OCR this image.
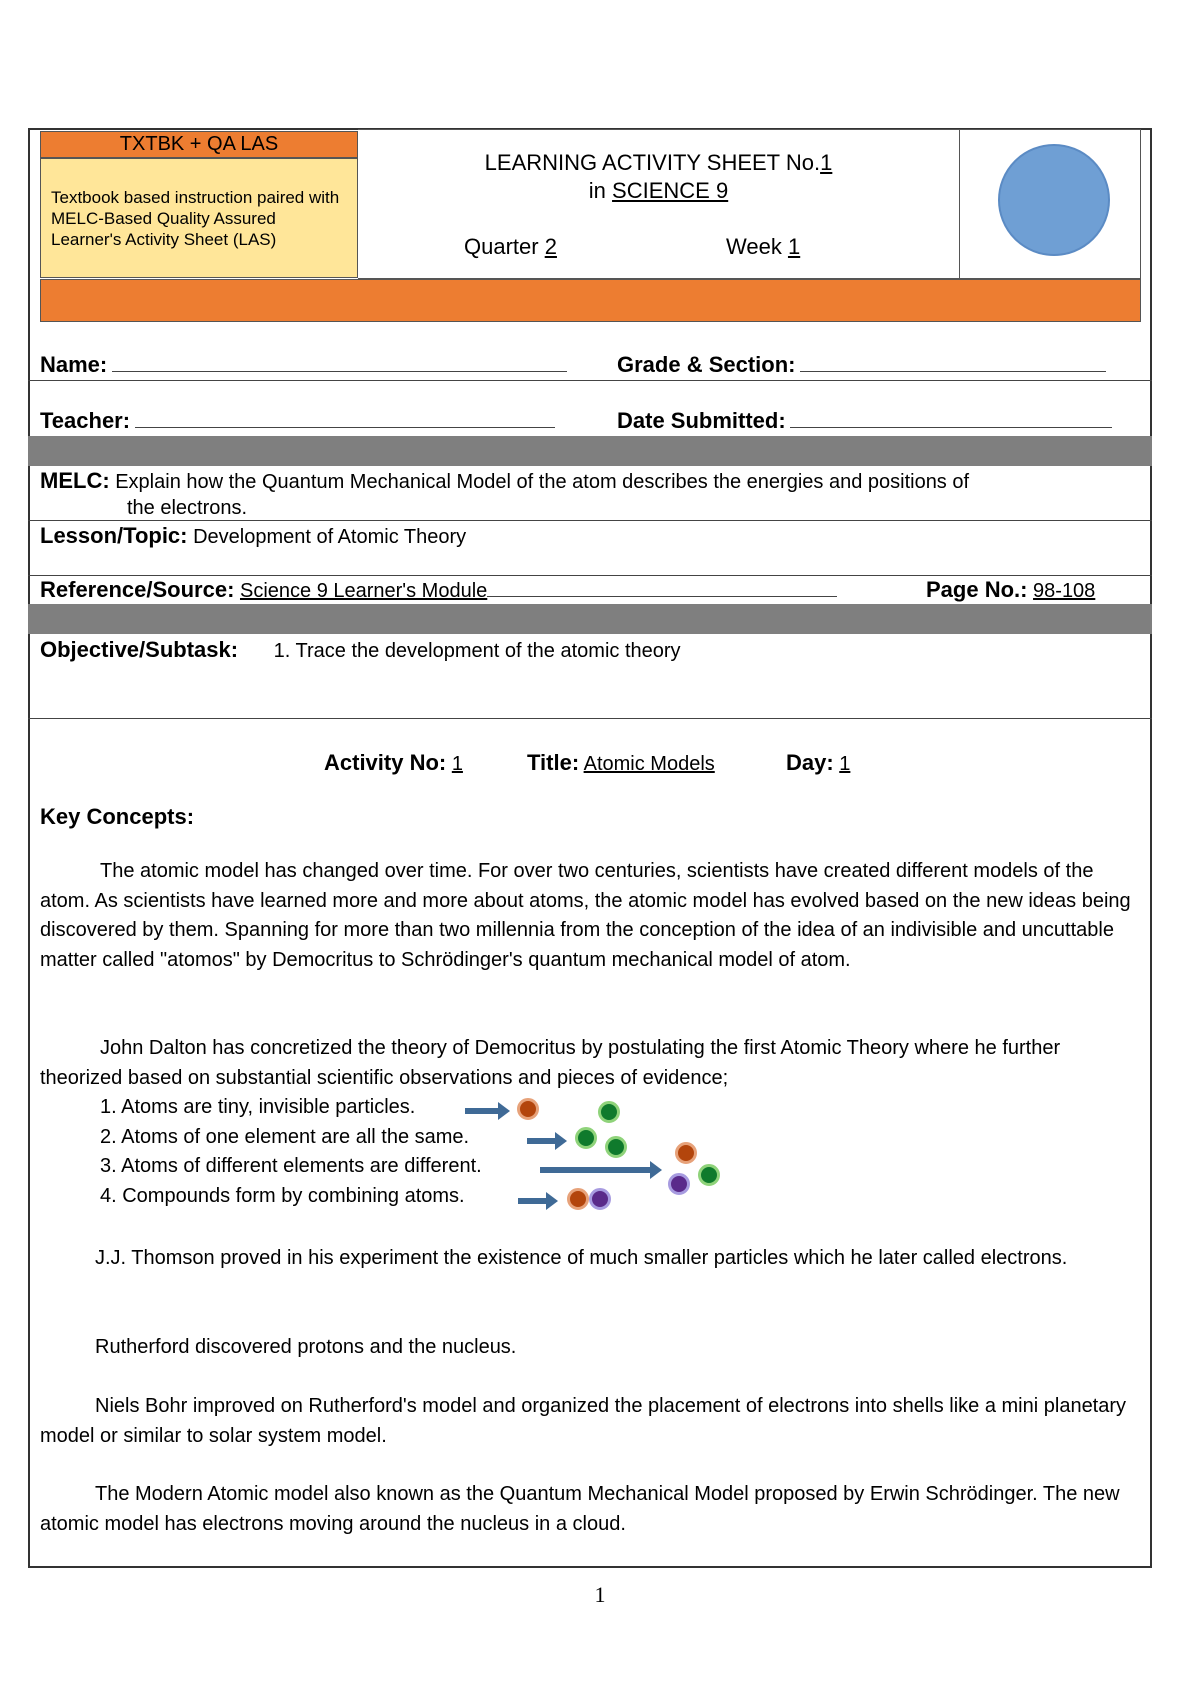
TXTBK + QA LAS
Textbook based instruction paired with MELC-Based Quality Assured Learner's Activity Sheet (LAS)
LEARNING ACTIVITY SHEET No.1
in SCIENCE 9
Quarter 2	Week 1
Name:	Grade & Section:
Teacher:	Date Submitted:
MELC: Explain how the Quantum Mechanical Model of the atom describes the energies and positions of
the electrons.
Lesson/Topic: Development of Atomic Theory
Reference/Source: Science 9 Learner's Module	Page No.: 98-108
Objective/Subtask: 1. Trace the development of the atomic theory
Activity No: 1	Title: Atomic Models	Day: 1
Key Concepts:
The atomic model has changed over time. For over two centuries, scientists have created different models of the atom. As scientists have learned more and more about atoms, the atomic model has evolved based on the new ideas being discovered by them. Spanning for more than two millennia from the conception of the idea of an indivisible and uncuttable matter called "atomos" by Democritus to Schrödinger's quantum mechanical model of atom.
John Dalton has concretized the theory of Democritus by postulating the first Atomic Theory where he further theorized based on substantial scientific observations and pieces of evidence;
1. Atoms are tiny, invisible particles.
2. Atoms of one element are all the same.
3. Atoms of different elements are different.
4. Compounds form by combining atoms.
J.J. Thomson proved in his experiment the existence of much smaller particles which he later called electrons.
Rutherford discovered protons and the nucleus.
Niels Bohr improved on Rutherford's model and organized the placement of electrons into shells like a mini planetary model or similar to solar system model.
The Modern Atomic model also known as the Quantum Mechanical Model proposed by Erwin Schrödinger. The new atomic model has electrons moving around the nucleus in a cloud.
1
